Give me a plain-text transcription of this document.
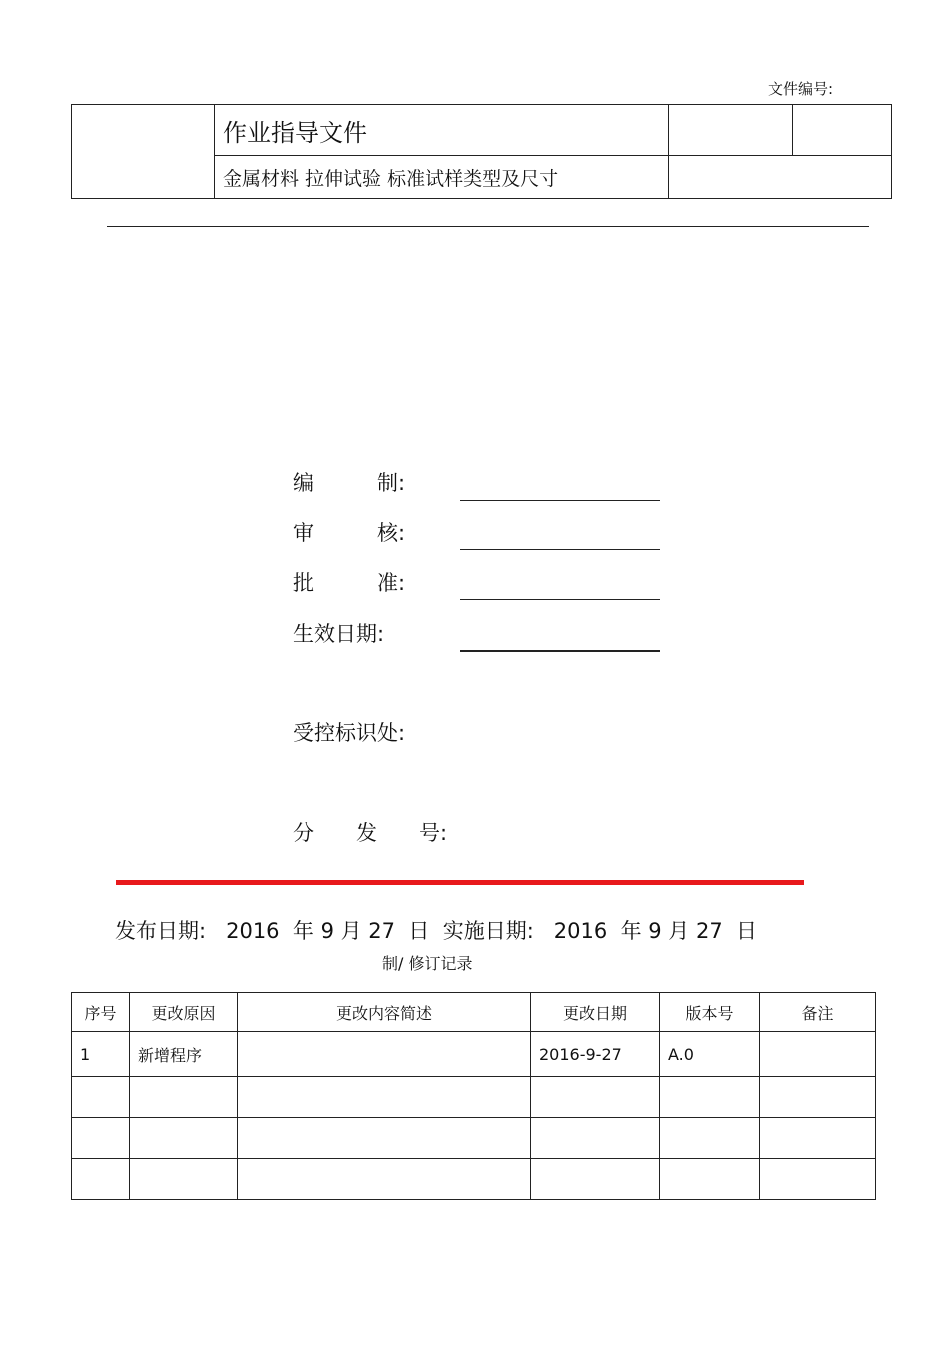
文件编号:
	作业指导文件		
	金属材料 拉伸试验 标准试样类型及尺寸		
编　　　制:
审　　　核:
批　　　准:
生效日期:
受控标识处:
分　　发　　号:
发布日期:   2016  年 9 月 27  日  实施日期:   2016  年 9 月 27  日
制/ 修订记录
序号	更改原因	更改内容简述	更改日期	版本号	备注
1	新增程序		2016-9-27	A.0	
